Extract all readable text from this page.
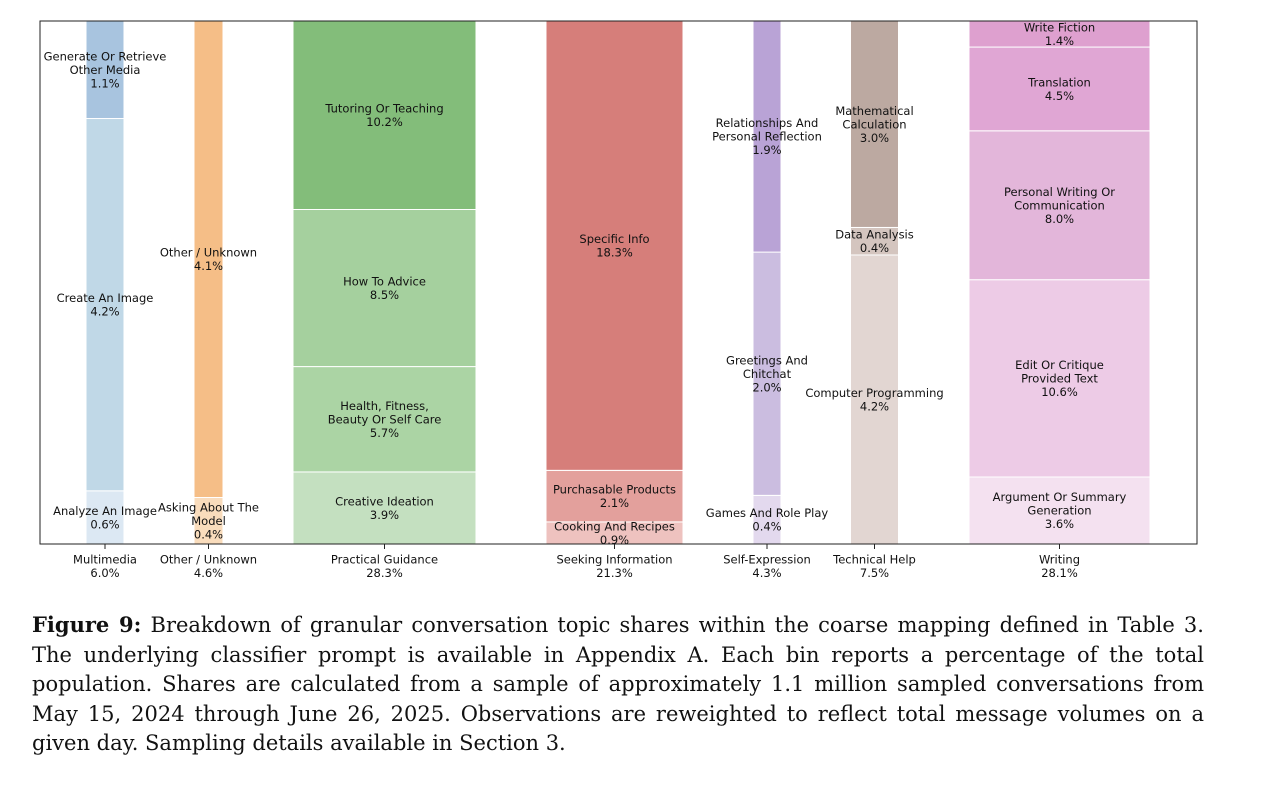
Analyze An Image 0.6%
Create An Image 4.2%
Generate Or Retrieve Other Media 1.1%
Asking About The Model 0.4%
Other / Unknown 4.1%
Creative Ideation 3.9%
Health, Fitness, Beauty Or Self Care 5.7%
How To Advice 8.5%
Tutoring Or Teaching 10.2%
Cooking And Recipes 0.9%
Purchasable Products 2.1%
Specific Info 18.3%
Games And Role Play 0.4%
Greetings And Chitchat 2.0%
Relationships And Personal Reflection 1.9%
Computer Programming 4.2%
Data Analysis 0.4%
Mathematical Calculation 3.0%
Argument Or Summary Generation 3.6%
Edit Or Critique Provided Text 10.6%
Personal Writing Or Communication 8.0%
Translation 4.5%
Write Fiction 1.4%
Multimedia 6.0%
Other / Unknown 4.6%
Practical Guidance 28.3%
Seeking Information 21.3%
Self-Expression 4.3%
Technical Help 7.5%
Writing 28.1%

Figure 9: Breakdown of granular conversation topic shares within the coarse mapping defined in Table 3. The underlying classifier prompt is available in Appendix A. Each bin reports a percentage of the total population. Shares are calculated from a sample of approximately 1.1 million sampled conversations from May 15, 2024 through June 26, 2025. Observations are reweighted to reflect total message volumes on a given day. Sampling details available in Section 3.
